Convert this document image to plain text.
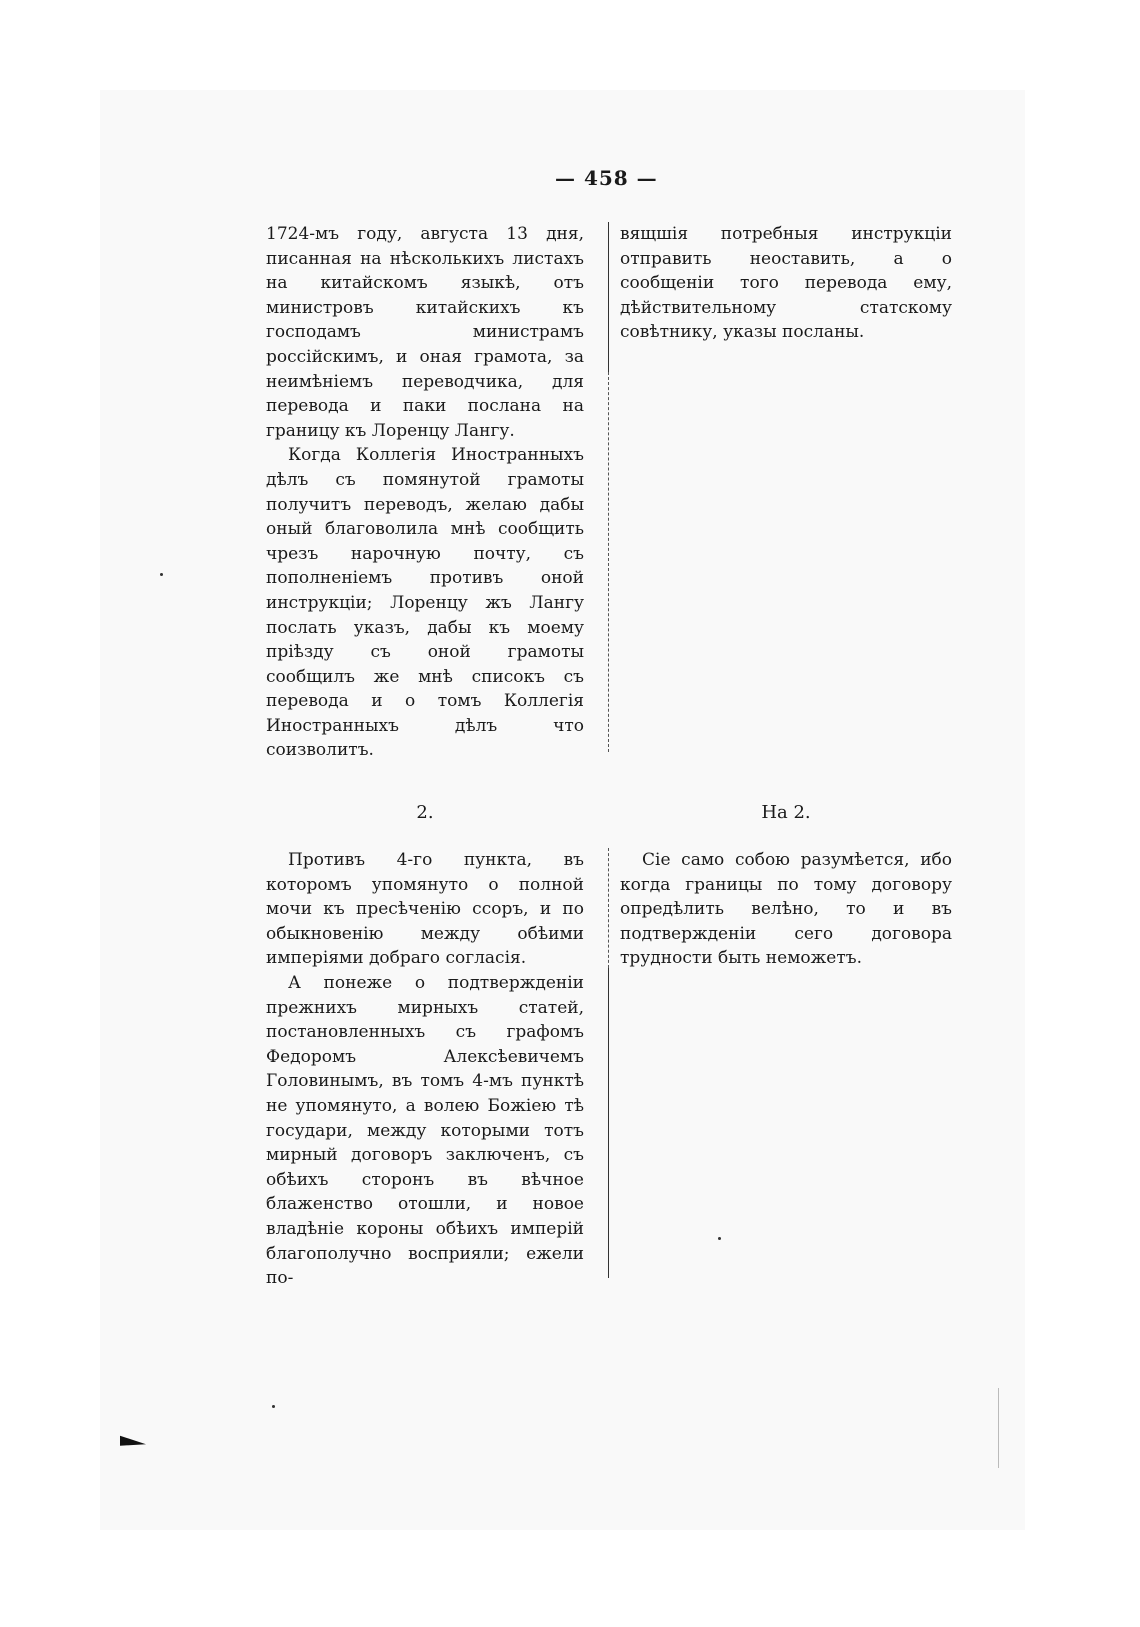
— 458 —

1724-мъ году, августа 13 дня, писанная на нѣсколькихъ листахъ на китайскомъ языкѣ, отъ министровъ китайскихъ къ господамъ министрамъ россійскимъ, и оная грамота, за неимѣніемъ переводчика, для перевода и паки послана на границу къ Лоренцу Лангу.

Когда Коллегія Иностранныхъ дѣлъ съ помянутой грамоты получитъ переводъ, желаю дабы оный благоволила мнѣ сообщить чрезъ нарочную почту, съ пополненіемъ противъ оной инструкціи; Лоренцу жъ Лангу послать указъ, дабы къ моему пріѣзду съ оной грамоты сообщилъ же мнѣ списокъ съ перевода и о томъ Коллегія Иностранныхъ дѣлъ что соизволитъ.

вящшія потребныя инструкціи отправить неоставить, а о сообщеніи того перевода ему, дѣйствительному статскому совѣтнику, указы посланы.

2.	На 2.

Противъ 4-го пункта, въ которомъ упомянуто о полной мочи къ пресѣченію ссоръ, и по обыкновенію между обѣими имперіями добраго согласія.

А понеже о подтвержденіи прежнихъ мирныхъ статей, постановленныхъ съ графомъ Федоромъ Алексѣевичемъ Головинымъ, въ томъ 4-мъ пунктѣ не упомянуто, а волею Божіею тѣ государи, между которыми тотъ мирный договоръ заключенъ, съ обѣихъ сторонъ въ вѣчное блаженство отошли, и новое владѣніе короны обѣихъ имперій благополучно восприяли; ежели по-

Сіе само собою разумѣется, ибо когда границы по тому договору опредѣлить велѣно, то и въ подтвержденіи сего договора трудности быть неможетъ.
